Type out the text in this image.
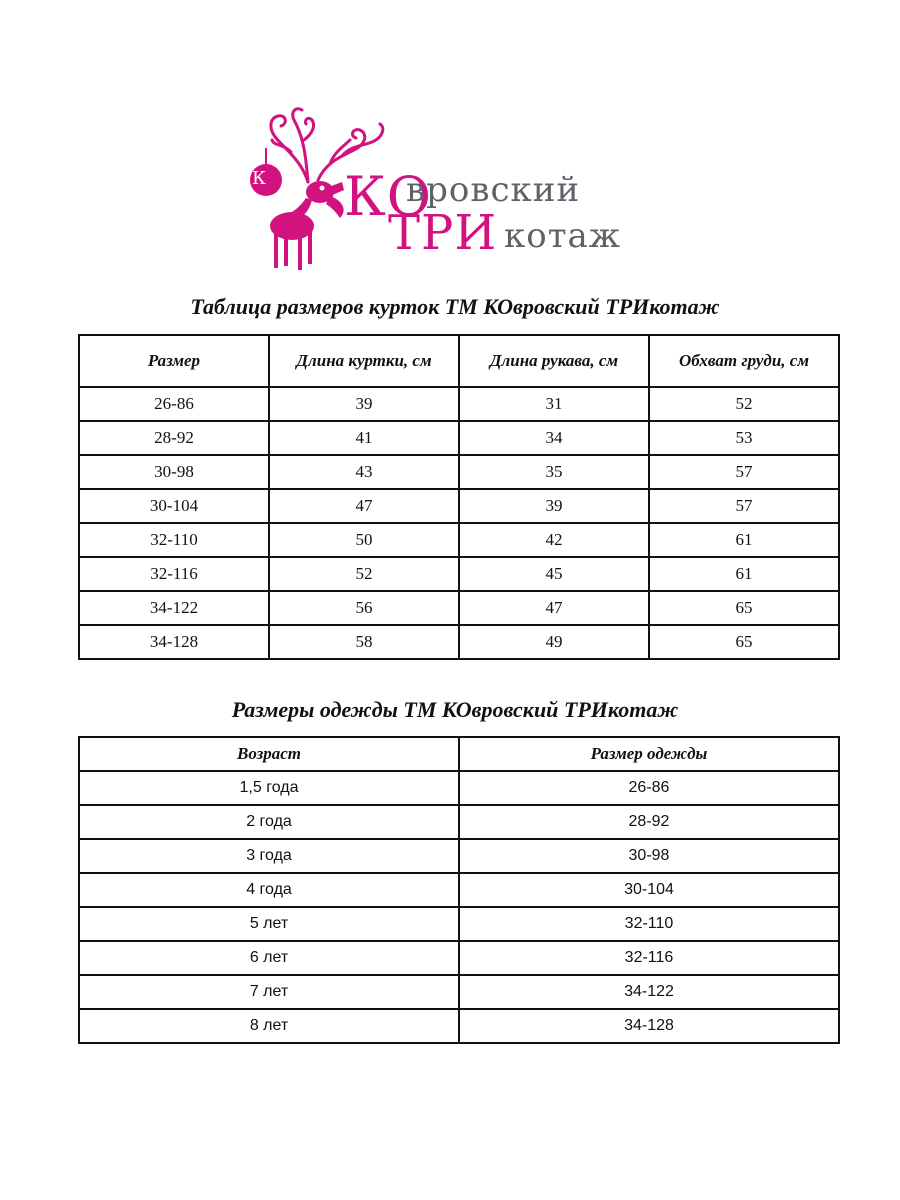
К КО
вровский
ТРИ котаж
Таблица размеров курток ТМ КОвровский ТРИкотаж
Размер	Длина куртки, см	Длина рукава, см	Обхват груди, см
26-86	39	31	52
28-92	41	34	53
30-98	43	35	57
30-104	47	39	57
32-110	50	42	61
32-116	52	45	61
34-122	56	47	65
34-128	58	49	65
Размеры одежды ТМ КОвровский ТРИкотаж
Возраст	Размер одежды
1,5 года	26-86
2 года	28-92
3 года	30-98
4 года	30-104
5 лет	32-110
6 лет	32-116
7 лет	34-122
8 лет	34-128
